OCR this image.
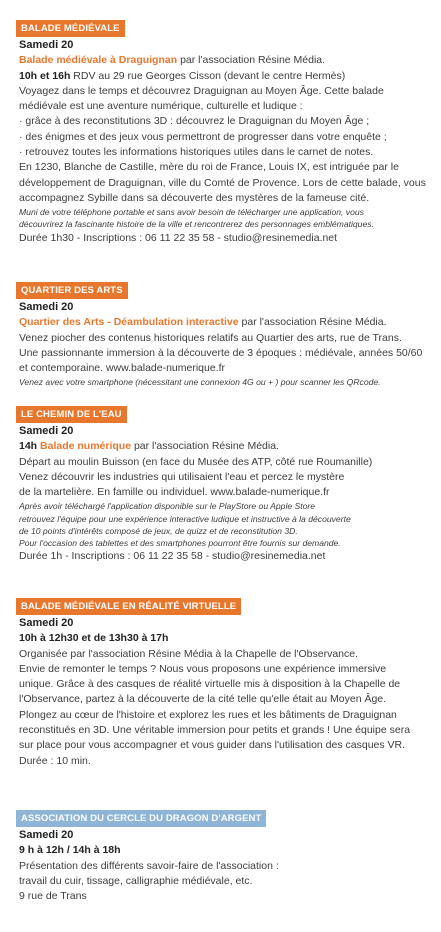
BALADE MÉDIÉVALE
Samedi 20
Balade médiévale à Draguignan par l'association Résine Média.
10h et 16h RDV au 29 rue Georges Cisson (devant le centre Hermès)
Voyagez dans le temps et découvrez Draguignan au Moyen Âge. Cette balade
médiévale est une aventure numérique, culturelle et ludique :
· grâce à des reconstitutions 3D : découvrez le Draguignan du Moyen Âge ;
· des énigmes et des jeux vous permettront de progresser dans votre enquête ;
· retrouvez toutes les informations historiques utiles dans le carnet de notes.
En 1230, Blanche de Castille, mère du roi de France, Louis IX, est intriguée par le
développement de Draguignan, ville du Comté de Provence. Lors de cette balade, vous
accompagnez Sybille dans sa découverte des mystères de la fameuse cité.
Muni de votre téléphone portable et sans avoir besoin de télécharger une application, vous
découvrirez la fascinante histoire de la ville et rencontrerez des personnages emblématiques.
Durée 1h30 - Inscriptions : 06 11 22 35 58 - studio@resinemedia.net
QUARTIER DES ARTS
Samedi 20
Quartier des Arts - Déambulation interactive par l'association Résine Média.
Venez piocher des contenus historiques relatifs au Quartier des arts, rue de Trans.
Une passionnante immersion à la découverte de 3 époques : médiévale, années 50/60
et contemporaine. www.balade-numerique.fr
Venez avec votre smartphone (nécessitant une connexion 4G ou + ) pour scanner les QRcode.
LE CHEMIN DE L'EAU
Samedi 20
14h Balade numérique par l'association Résine Média.
Départ au moulin Buisson (en face du Musée des ATP, côté rue Roumanille)
Venez découvrir les industries qui utilisaient l'eau et percez le mystère
de la martelière. En famille ou individuel. www.balade-numerique.fr
Après avoir téléchargé l'application disponible sur le PlayStore ou Apple Store
retrouvez l'équipe pour une expérience interactive ludique et instructive à la découverte
de 10 points d'intérêts composé de jeux, de quizz et de reconstitution 3D.
Pour l'occasion des tablettes et des smartphones pourront être fournis sur demande.
Durée 1h - Inscriptions : 06 11 22 35 58 - studio@resinemedia.net
BALADE MÉDIÉVALE EN RÉALITÉ VIRTUELLE
Samedi 20
10h à 12h30 et de 13h30 à 17h
Organisée par l'association Résine Média à la Chapelle de l'Observance.
Envie de remonter le temps ? Nous vous proposons une expérience immersive
unique. Grâce à des casques de réalité virtuelle mis à disposition à la Chapelle de
l'Observance, partez à la découverte de la cité telle qu'elle était au Moyen Âge.
Plongez au cœur de l'histoire et explorez les rues et les bâtiments de Draguignan
reconstitués en 3D. Une véritable immersion pour petits et grands ! Une équipe sera
sur place pour vous accompagner et vous guider dans l'utilisation des casques VR.
Durée : 10 min.
ASSOCIATION DU CERCLE DU DRAGON D'ARGENT
Samedi 20
9 h à 12h / 14h à 18h
Présentation des différents savoir-faire de l'association :
travail du cuir, tissage, calligraphie médiévale, etc.
9 rue de Trans
